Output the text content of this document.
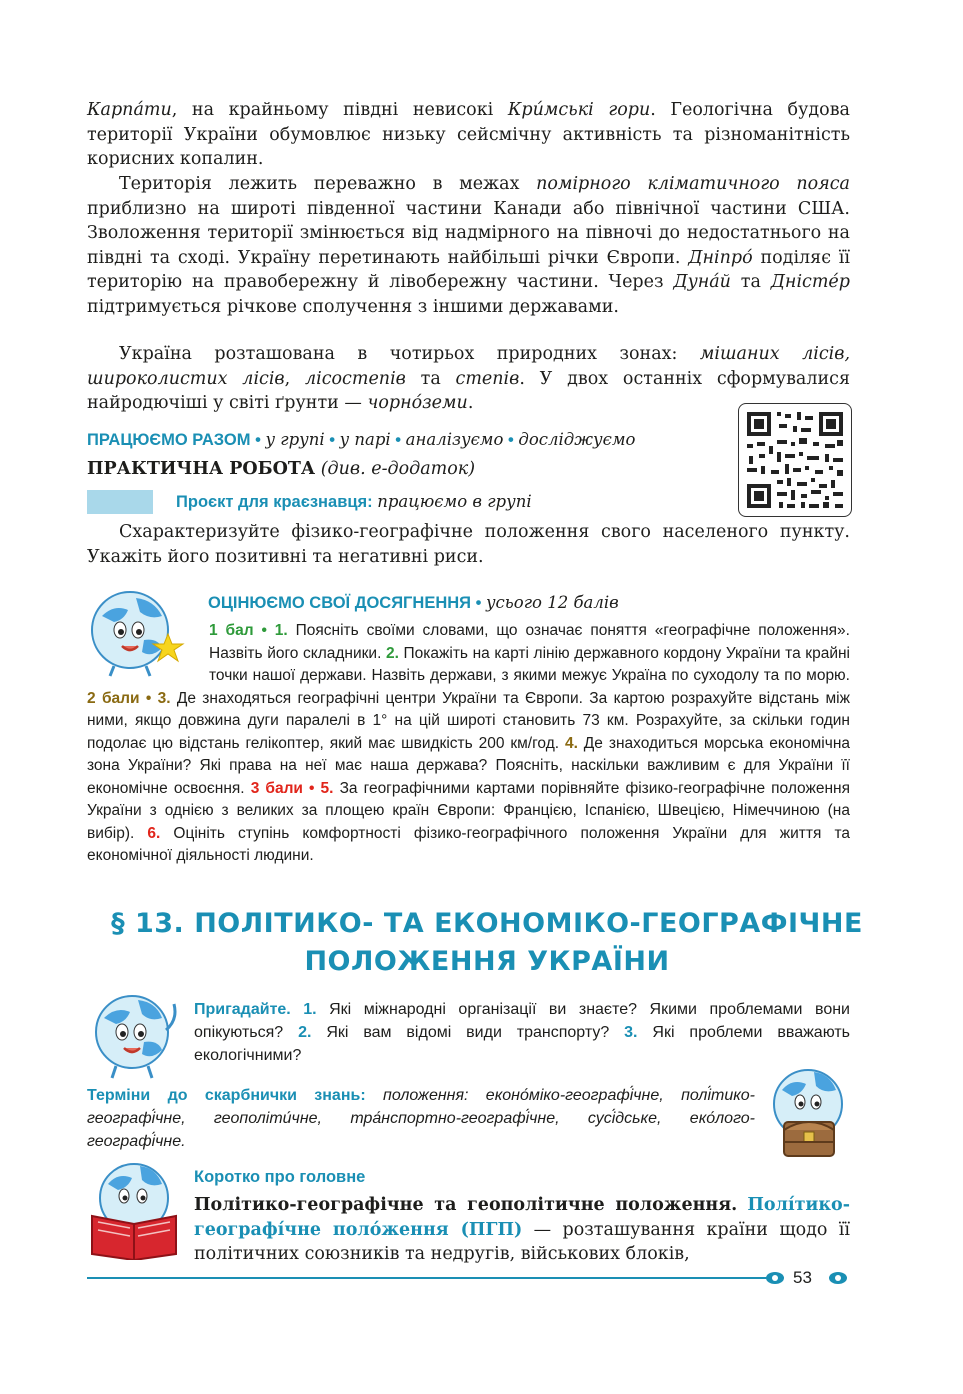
Карпа́ти, на крайньому півдні невисокі Кри́мські гори. Геологічна будова території України обумовлює низьку сейсмічну активність та різноманітність корисних копалин.
Територія лежить переважно в межах помірного кліматичного пояса приблизно на широті південної частини Канади або північної частини США. Зволоження території змінюється від надмірного на півночі до недостатнього на півдні та сході. Україну перетинають найбільші річки Європи. Дніпро́ поділяє її територію на правобережну й лівобережну частини. Через Дуна́й та Дністе́р підтримується річкове сполучення з іншими державами.
Україна розташована в чотирьох природних зонах: мішаних лісів, широколистих лісів, лісостепів та степів. У двох останніх сформувалися найродючіші у світі ґрунти — чорно́земи.
ПРАЦЮЄМО РАЗОМ • у групі • у парі • аналізуємо • досліджуємо
ПРАКТИЧНА РОБОТА (див. е-додаток)
Проєкт для краєзнавця: працюємо в групі
Схарактеризуйте фізико-географічне положення свого населеного пункту. Укажіть його позитивні та негативні риси.
ОЦІНЮЄМО СВОЇ ДОСЯГНЕННЯ • усього 12 балів
1 бал • 1. Поясніть своїми словами, що означає поняття «географічне положення». Назвіть його складники. 2. Покажіть на карті лінію державного кордону України та крайні точки нашої держави. Назвіть держави, з якими межує Україна по суходолу та по морю. 2 бали • 3. Де знаходяться географічні центри України та Європи. За картою розрахуйте відстань між ними, якщо довжина дуги паралелі в 1° на цій широті становить 73 км. Розрахуйте, за скільки годин подолає цю відстань гелікоптер, який має швидкість 200 км/год. 4. Де знаходиться морська економічна зона України? Які права на неї має наша держава? Поясніть, наскільки важливим є для України її економічне освоєння. 3 бали • 5. За географічними картами порівняйте фізико-географічне положення України з однією з великих за площею країн Європи: Францією, Іспанією, Швецією, Німеччиною (на вибір). 6. Оцініть ступінь комфортності фізико-географічного положення України для життя та економічної діяльності людини.
§ 13. ПОЛІТИКО- ТА ЕКОНОМІКО-ГЕОГРАФІЧНЕ
ПОЛОЖЕННЯ УКРАЇНИ
Пригадайте. 1. Які міжнародні організації ви знаєте? Якими проблемами вони опікуються? 2. Які вам відомі види транспорту? 3. Які проблеми вважають екологічними?
Терміни до скарбнички знань: положення: еконо́міко-географі́чне, полі́тико-географі́чне, геополіти́чне, тра́нспортно-географі́чне, сусі́дське, еко́лого-географі́чне.
Коротко про головне
Політико-географічне та геополітичне положення. Полі́тико-географі́чне поло́ження (ПГП) — розташування країни щодо її політичних союзників та недругів, військових блоків,
53
